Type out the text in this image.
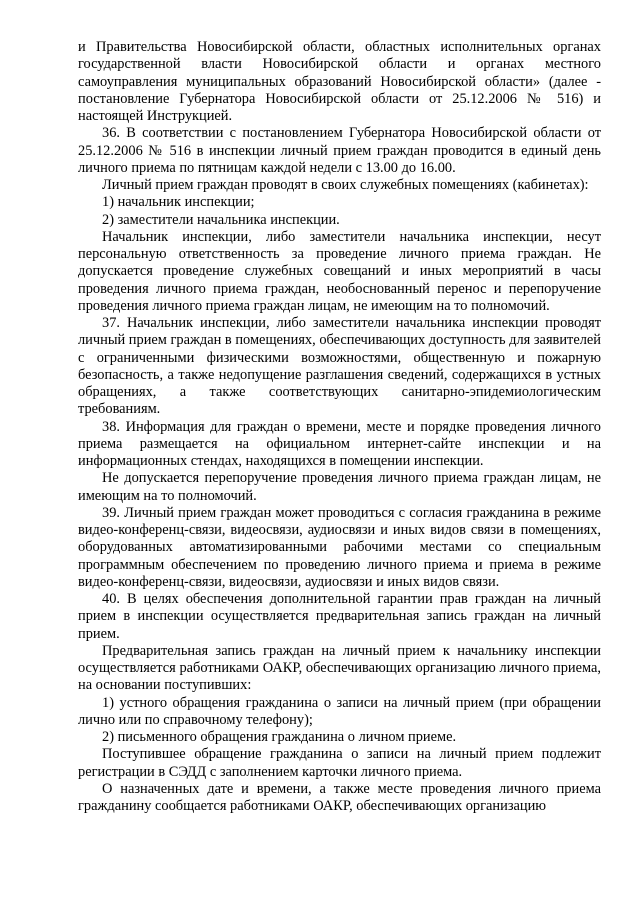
и Правительства Новосибирской области, областных исполнительных органах государственной власти Новосибирской области и органах местного самоуправления муниципальных образований Новосибирской области» (далее - постановление Губернатора Новосибирской области от 25.12.2006 № 516) и настоящей Инструкцией.

36. В соответствии с постановлением Губернатора Новосибирской области от 25.12.2006 № 516 в инспекции личный прием граждан проводится в единый день личного приема по пятницам каждой недели с 13.00 до 16.00.

Личный прием граждан проводят в своих служебных помещениях (кабинетах):

1) начальник инспекции;

2) заместители начальника инспекции.

Начальник инспекции, либо заместители начальника инспекции, несут персональную ответственность за проведение личного приема граждан. Не допускается проведение служебных совещаний и иных мероприятий в часы проведения личного приема граждан, необоснованный перенос и перепоручение проведения личного приема граждан лицам, не имеющим на то полномочий.

37. Начальник инспекции, либо заместители начальника инспекции проводят личный прием граждан в помещениях, обеспечивающих доступность для заявителей с ограниченными физическими возможностями, общественную и пожарную безопасность, а также недопущение разглашения сведений, содержащихся в устных обращениях, а также соответствующих санитарно-эпидемиологическим требованиям.

38. Информация для граждан о времени, месте и порядке проведения личного приема размещается на официальном интернет-сайте инспекции и на информационных стендах, находящихся в помещении инспекции.

Не допускается перепоручение проведения личного приема граждан лицам, не имеющим на то полномочий.

39. Личный прием граждан может проводиться с согласия гражданина в режиме видео-конференц-связи, видеосвязи, аудиосвязи и иных видов связи в помещениях, оборудованных автоматизированными рабочими местами со специальным программным обеспечением по проведению личного приема и приема в режиме видео-конференц-связи, видеосвязи, аудиосвязи и иных видов связи.

40. В целях обеспечения дополнительной гарантии прав граждан на личный прием в инспекции осуществляется предварительная запись граждан на личный прием.

Предварительная запись граждан на личный прием к начальнику инспекции осуществляется работниками ОАКР, обеспечивающих организацию личного приема, на основании поступивших:

1) устного обращения гражданина о записи на личный прием (при обращении лично или по справочному телефону);

2) письменного обращения гражданина о личном приеме.

Поступившее обращение гражданина о записи на личный прием подлежит регистрации в СЭДД с заполнением карточки личного приема.

О назначенных дате и времени, а также месте проведения личного приема гражданину сообщается работниками ОАКР, обеспечивающих организацию
